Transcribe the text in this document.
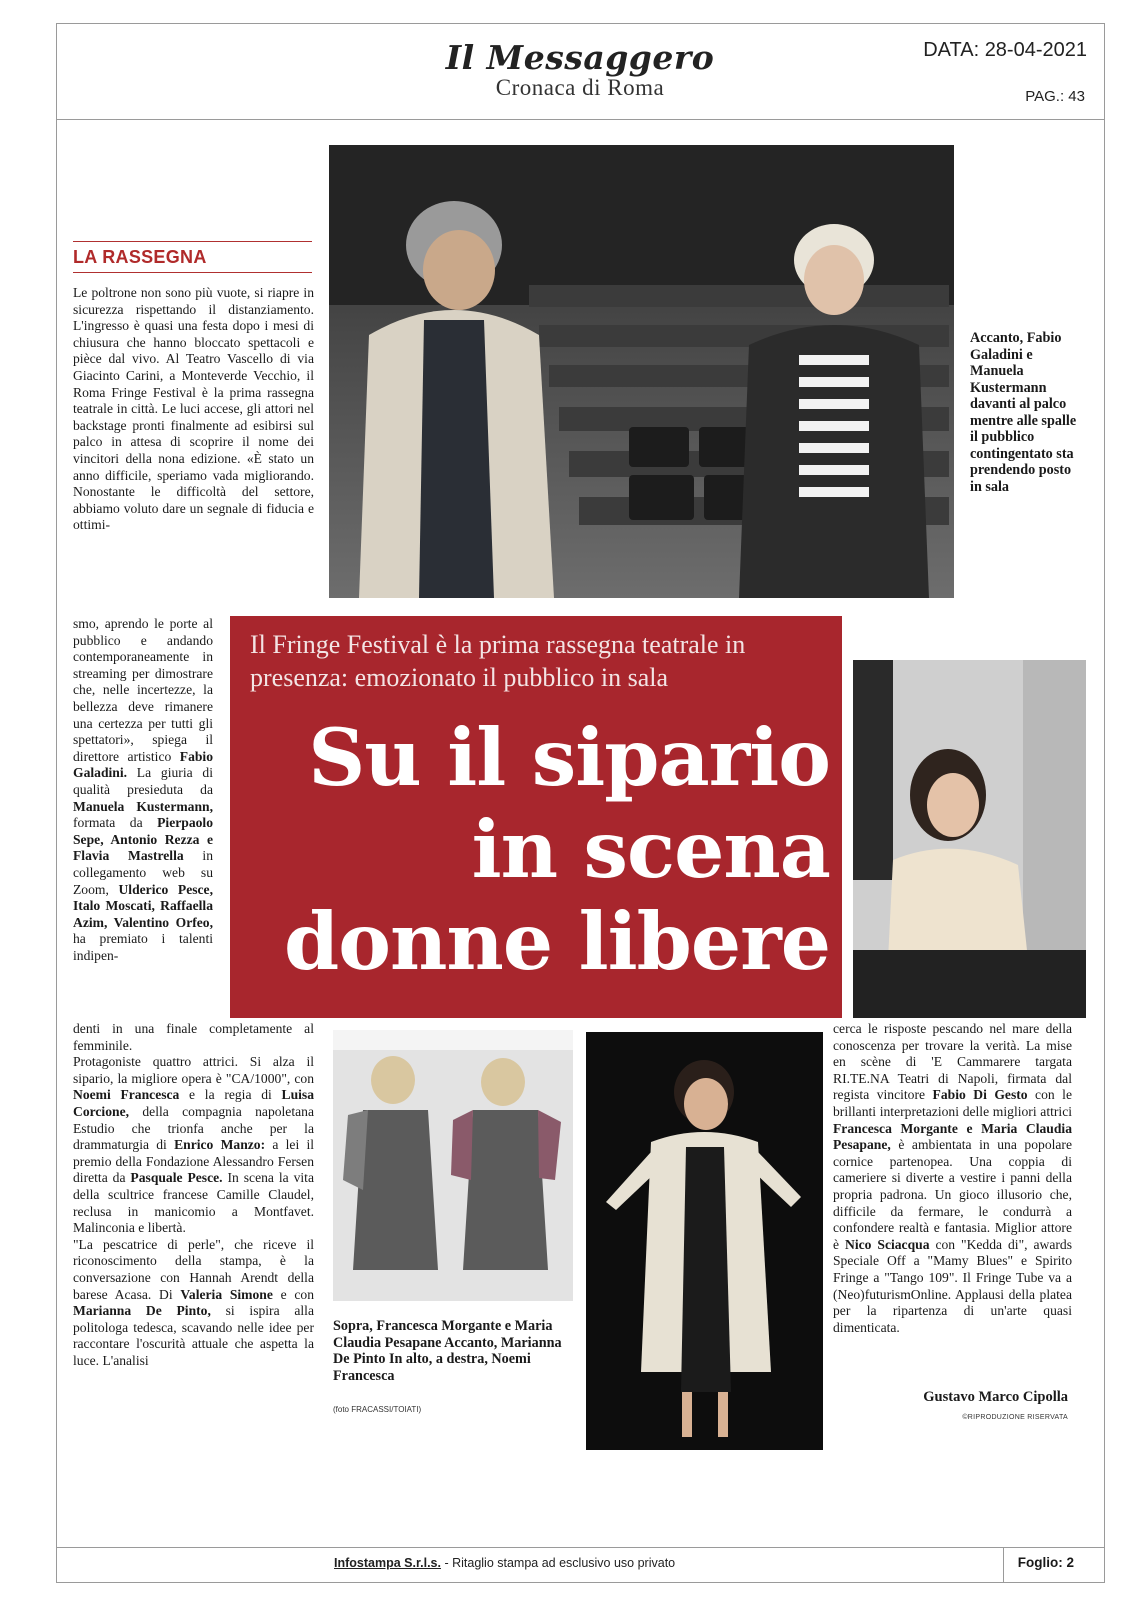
Il Messaggero
Cronaca di Roma
DATA: 28-04-2021
PAG.: 43
LA RASSEGNA
Le poltrone non sono più vuote, si riapre in sicurezza rispettando il distanziamento. L'ingresso è quasi una festa dopo i mesi di chiusura che hanno bloccato spettacoli e pièce dal vivo. Al Teatro Vascello di via Giacinto Carini, a Monteverde Vecchio, il Roma Fringe Festival è la prima rassegna teatrale in città. Le luci accese, gli attori nel backstage pronti finalmente ad esibirsi sul palco in attesa di scoprire il nome dei vincitori della nona edizione. «È stato un anno difficile, speriamo vada migliorando. Nonostante le difficoltà del settore, abbiamo voluto dare un segnale di fiducia e ottimi-
smo, aprendo le porte al pubblico e andando contemporaneamente in streaming per dimostrare che, nelle incertezze, la bellezza deve rimanere una certezza per tutti gli spettatori», spiega il direttore artistico Fabio Galadini. La giuria di qualità presieduta da Manuela Kustermann, formata da Pierpaolo Sepe, Antonio Rezza e Flavia Mastrella in collegamento web su Zoom, Ulderico Pesce, Italo Moscati, Raffaella Azim, Valentino Orfeo, ha premiato i talenti indipen-
denti in una finale completamente al femminile.
Protagoniste quattro attrici. Si alza il sipario, la migliore opera è "CA/1000", con Noemi Francesca e la regia di Luisa Corcione, della compagnia napoletana Estudio che trionfa anche per la drammaturgia di Enrico Manzo: a lei il premio della Fondazione Alessandro Fersen diretta da Pasquale Pesce. In scena la vita della scultrice francese Camille Claudel, reclusa in manicomio a Montfavet. Malinconia e libertà.
"La pescatrice di perle", che riceve il riconoscimento della stampa, è la conversazione con Hannah Arendt della barese Acasa. Di Valeria Simone e con Marianna De Pinto, si ispira alla politologa tedesca, scavando nelle idee per raccontare l'oscurità attuale che aspetta la luce. L'analisi
Accanto, Fabio Galadini e Manuela Kustermann davanti al palco mentre alle spalle il pubblico contingentato sta prendendo posto in sala
Il Fringe Festival è la prima rassegna teatrale in presenza: emozionato il pubblico in sala
Su il sipario
in scena
donne libere
cerca le risposte pescando nel mare della conoscenza per trovare la verità. La mise en scène di 'E Cammarere targata RI.TE.NA Teatri di Napoli, firmata dal regista vincitore Fabio Di Gesto con le brillanti interpretazioni delle migliori attrici Francesca Morgante e Maria Claudia Pesapane, è ambientata in una popolare cornice partenopea. Una coppia di cameriere si diverte a vestire i panni della propria padrona. Un gioco illusorio che, difficile da fermare, le condurrà a confondere realtà e fantasia. Miglior attore è Nico Sciacqua con "Kedda di", awards Speciale Off a "Mamy Blues" e Spirito Fringe a "Tango 109". Il Fringe Tube va a (Neo)futurismOnline. Applausi della platea per la ripartenza di un'arte quasi dimenticata.
Gustavo Marco Cipolla
©RIPRODUZIONE RISERVATA
Sopra, Francesca Morgante e Maria Claudia Pesapane Accanto, Marianna De Pinto In alto, a destra, Noemi Francesca
(foto FRACASSI/TOIATI)
Infostampa S.r.l.s. - Ritaglio stampa ad esclusivo uso privato	Foglio: 2
